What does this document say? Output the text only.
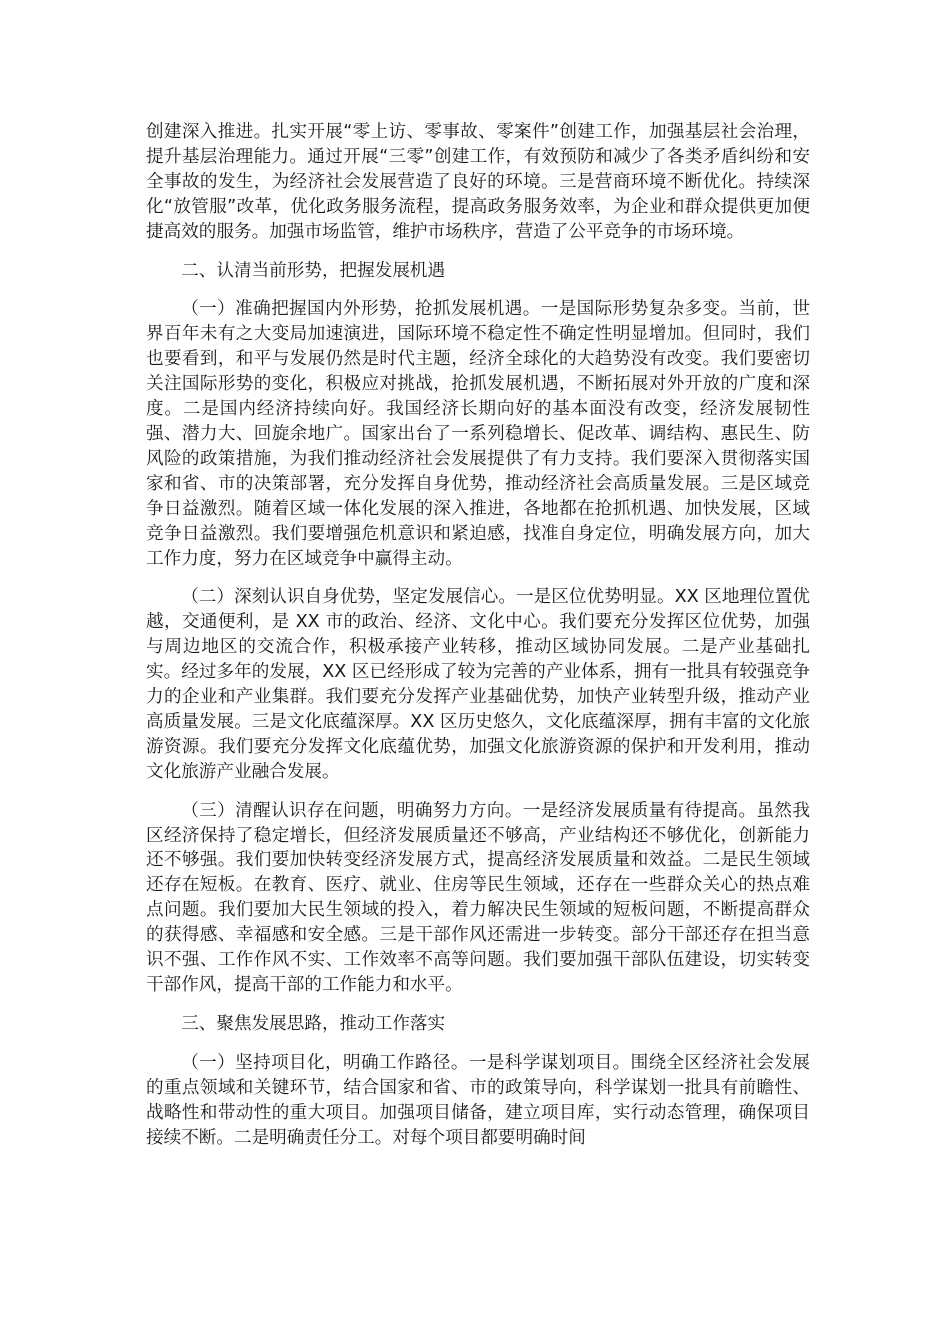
创建深入推进。扎实开展“零上访、零事故、零案件”创建工作，加强基层社会治理，提升基层治理能力。通过开展“三零”创建工作，有效预防和减少了各类矛盾纠纷和安全事故的发生，为经济社会发展营造了良好的环境。三是营商环境不断优化。持续深化“放管服”改革，优化政务服务流程，提高政务服务效率，为企业和群众提供更加便捷高效的服务。加强市场监管，维护市场秩序，营造了公平竞争的市场环境。

二、认清当前形势，把握发展机遇

（一）准确把握国内外形势，抢抓发展机遇。一是国际形势复杂多变。当前，世界百年未有之大变局加速演进，国际环境不稳定性不确定性明显增加。但同时，我们也要看到，和平与发展仍然是时代主题，经济全球化的大趋势没有改变。我们要密切关注国际形势的变化，积极应对挑战，抢抓发展机遇，不断拓展对外开放的广度和深度。二是国内经济持续向好。我国经济长期向好的基本面没有改变，经济发展韧性强、潜力大、回旋余地广。国家出台了一系列稳增长、促改革、调结构、惠民生、防风险的政策措施，为我们推动经济社会发展提供了有力支持。我们要深入贯彻落实国家和省、市的决策部署，充分发挥自身优势，推动经济社会高质量发展。三是区域竞争日益激烈。随着区域一体化发展的深入推进，各地都在抢抓机遇、加快发展，区域竞争日益激烈。我们要增强危机意识和紧迫感，找准自身定位，明确发展方向，加大工作力度，努力在区域竞争中赢得主动。

（二）深刻认识自身优势，坚定发展信心。一是区位优势明显。XX 区地理位置优越，交通便利，是 XX 市的政治、经济、文化中心。我们要充分发挥区位优势，加强与周边地区的交流合作，积极承接产业转移，推动区域协同发展。二是产业基础扎实。经过多年的发展，XX 区已经形成了较为完善的产业体系，拥有一批具有较强竞争力的企业和产业集群。我们要充分发挥产业基础优势，加快产业转型升级，推动产业高质量发展。三是文化底蕴深厚。XX 区历史悠久，文化底蕴深厚，拥有丰富的文化旅游资源。我们要充分发挥文化底蕴优势，加强文化旅游资源的保护和开发利用，推动文化旅游产业融合发展。

（三）清醒认识存在问题，明确努力方向。一是经济发展质量有待提高。虽然我区经济保持了稳定增长，但经济发展质量还不够高，产业结构还不够优化，创新能力还不够强。我们要加快转变经济发展方式，提高经济发展质量和效益。二是民生领域还存在短板。在教育、医疗、就业、住房等民生领域，还存在一些群众关心的热点难点问题。我们要加大民生领域的投入，着力解决民生领域的短板问题，不断提高群众的获得感、幸福感和安全感。三是干部作风还需进一步转变。部分干部还存在担当意识不强、工作作风不实、工作效率不高等问题。我们要加强干部队伍建设，切实转变干部作风，提高干部的工作能力和水平。

三、聚焦发展思路，推动工作落实

（一）坚持项目化，明确工作路径。一是科学谋划项目。围绕全区经济社会发展的重点领域和关键环节，结合国家和省、市的政策导向，科学谋划一批具有前瞻性、战略性和带动性的重大项目。加强项目储备，建立项目库，实行动态管理，确保项目接续不断。二是明确责任分工。对每个项目都要明确时间
